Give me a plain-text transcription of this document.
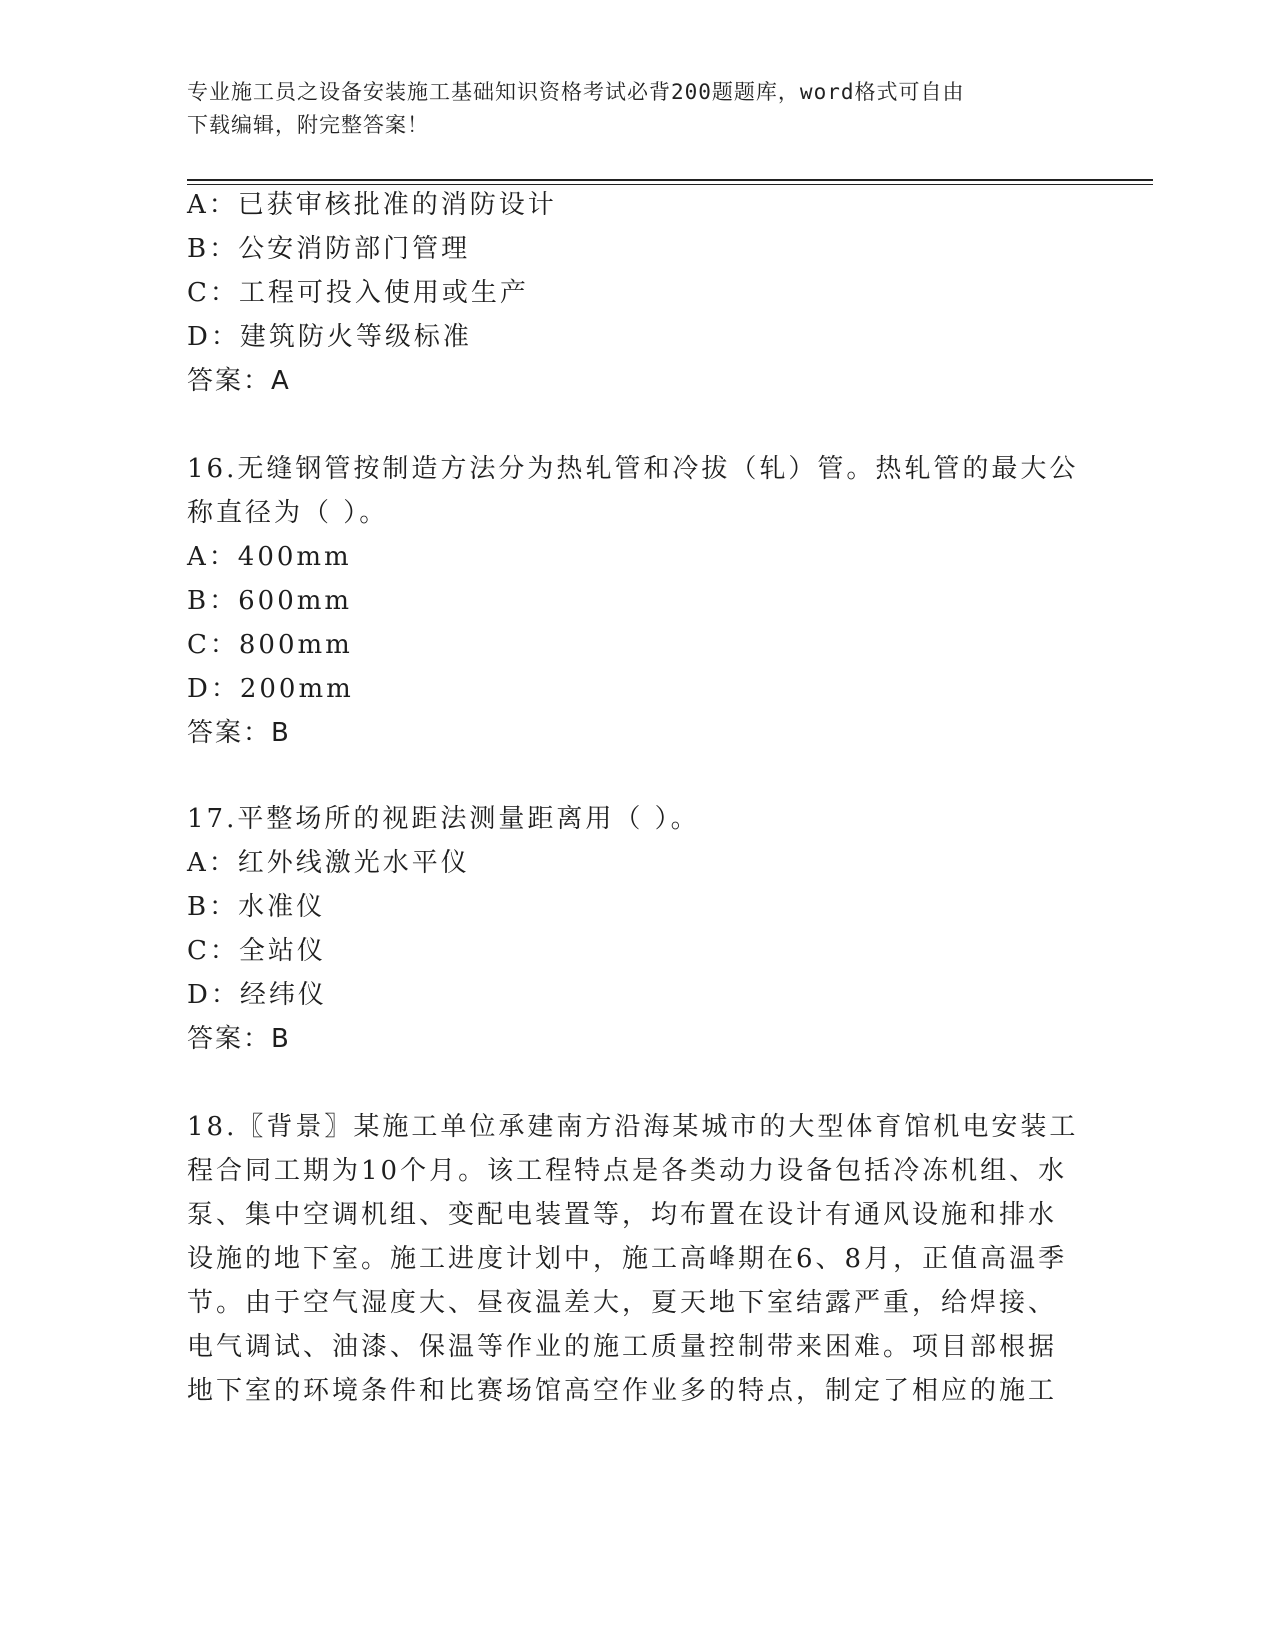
专业施工员之设备安装施工基础知识资格考试必背200题题库，word格式可自由
下载编辑，附完整答案！
A：已获审核批准的消防设计
B：公安消防部门管理
C：工程可投入使用或生产
D：建筑防火等级标准
答案：A
16.无缝钢管按制造方法分为热轧管和冷拔（轧）管。热轧管的最大公
称直径为（ ）。
A：400mm
B：600mm
C：800mm
D：200mm
答案：B
17.平整场所的视距法测量距离用（ ）。
A：红外线激光水平仪
B：水准仪
C：全站仪
D：经纬仪
答案：B
18.〖背景〗某施工单位承建南方沿海某城市的大型体育馆机电安装工
程合同工期为10个月。该工程特点是各类动力设备包括冷冻机组、水
泵、集中空调机组、变配电装置等，均布置在设计有通风设施和排水
设施的地下室。施工进度计划中，施工高峰期在6、8月，正值高温季
节。由于空气湿度大、昼夜温差大，夏天地下室结露严重，给焊接、
电气调试、油漆、保温等作业的施工质量控制带来困难。项目部根据
地下室的环境条件和比赛场馆高空作业多的特点，制定了相应的施工
